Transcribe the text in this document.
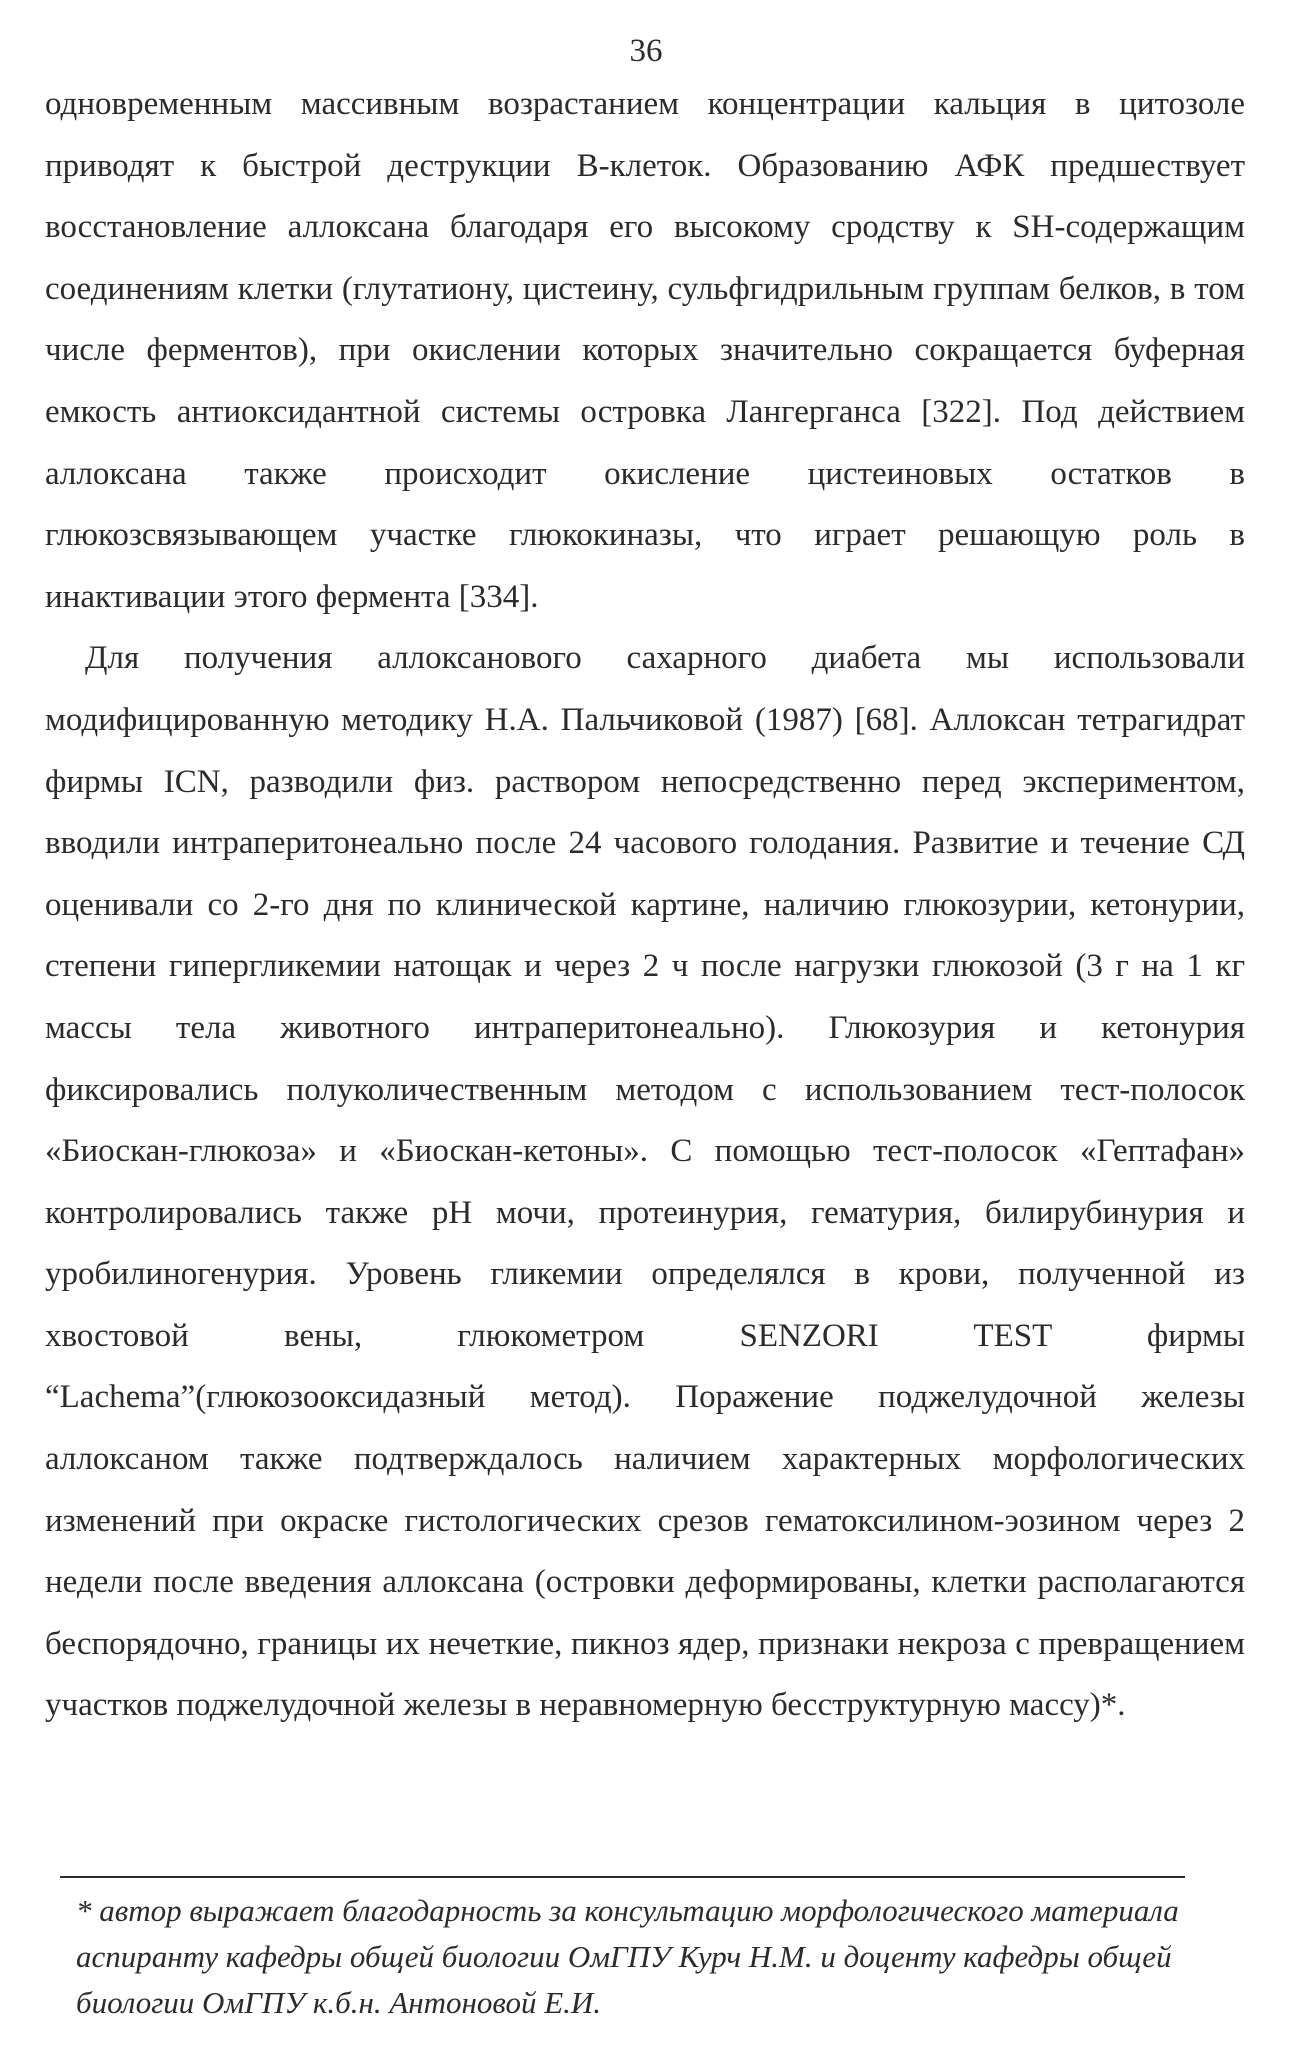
36

одновременным массивным возрастанием концентрации кальция в цитозоле приводят к быстрой деструкции В-клеток. Образованию АФК предшествует восстановление аллоксана благодаря его высокому сродству к SH-содержащим соединениям клетки (глутатиону, цистеину, сульфгидрильным группам белков, в том числе ферментов), при окислении которых значительно сокращается буферная емкость антиоксидантной системы островка Лангерганса [322]. Под действием аллоксана также происходит окисление цистеиновых остатков в глюкозсвязывающем участке глюкокиназы, что играет решающую роль в инактивации этого фермента [334].

Для получения аллоксанового сахарного диабета мы использовали модифицированную методику Н.А. Пальчиковой (1987) [68]. Аллоксан тетрагидрат фирмы ICN, разводили физ. раствором непосредственно перед экспериментом, вводили интраперитонеально после 24 часового голодания. Развитие и течение СД оценивали со 2-го дня по клинической картине, наличию глюкозурии, кетонурии, степени гипергликемии натощак и через 2 ч после нагрузки глюкозой (3 г на 1 кг массы тела животного интраперитонеально). Глюкозурия и кетонурия фиксировались полуколичественным методом с использованием тест-полосок «Биоскан-глюкоза» и «Биоскан-кетоны». С помощью тест-полосок «Гептафан» контролировались также рН мочи, протеинурия, гематурия, билирубинурия и уробилиногенурия. Уровень гликемии определялся в крови, полученной из хвостовой вены, глюкометром SENZORI TEST фирмы “Lachema”(глюкозооксидазный метод). Поражение поджелудочной железы аллоксаном также подтверждалось наличием характерных морфологических изменений при окраске гистологических срезов гематоксилином-эозином через 2 недели после введения аллоксана (островки деформированы, клетки располагаются беспорядочно, границы их нечеткие, пикноз ядер, признаки некроза с превращением участков поджелудочной железы в неравномерную бесструктурную массу)*.

* автор выражает благодарность за консультацию морфологического материала аспиранту кафедры общей биологии ОмГПУ Курч Н.М. и доценту кафедры общей биологии ОмГПУ к.б.н. Антоновой Е.И.
